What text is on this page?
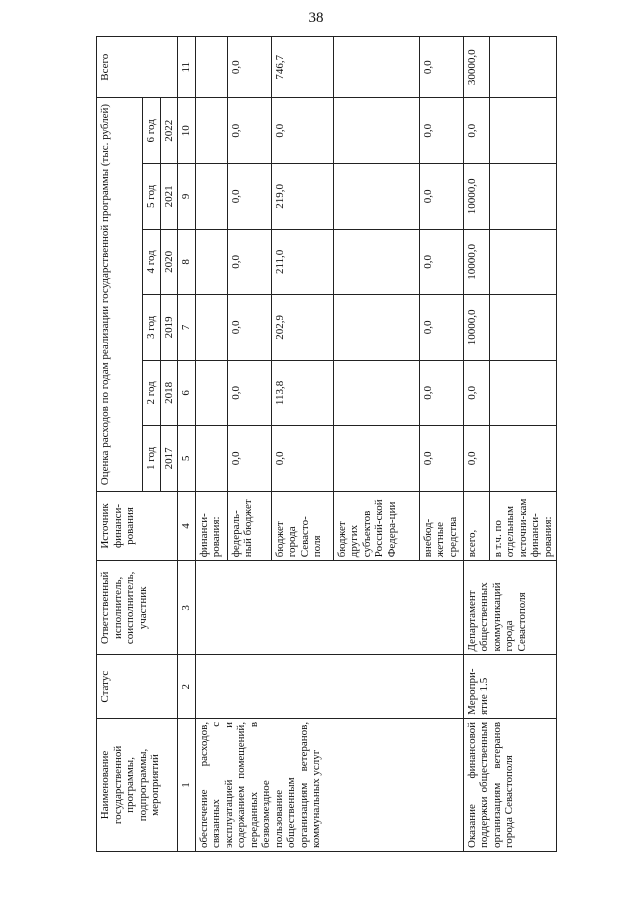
38
Наименование государственной программы, подпрограммы, мероприятий	Статус	Ответственный исполнитель, соисполнитель, участник	Источник финанси-рования	Оценка расходов по годам реализации государственной программы (тыс. рублей)						Всего
				1 год	2 год	3 год	4 год	5 год	6 год	
				2017	2018	2019	2020	2021	2022	
1	2	3	4	5	6	7	8	9	10	11
обеспечение расходов, связанных с эксплуатацией и содержанием помещений, переданных в безвозмездное пользование общественным организациям ветеранов, коммунальных услуг			финанси-рования:							
			федераль-ный бюджет	0,0	0,0	0,0	0,0	0,0	0,0	0,0
			бюджет города Севасто-поля	0,0	113,8	202,9	211,0	219,0	0,0	746,7
			бюджет других субъектов Россий-ской Федера-ции							
			внебюд-жетные средства	0,0	0,0	0,0	0,0	0,0	0,0	0,0
Оказание финансовой поддержки общественным организациям ветеранов города Севастополя	Меропри-ятие 1.5	Департамент общественных коммуникаций города Севастополя	всего,	0,0	0,0	10000,0	10000,0	10000,0	0,0	30000,0
			в т.ч. по отдельным источни-кам финанси-рования:							
